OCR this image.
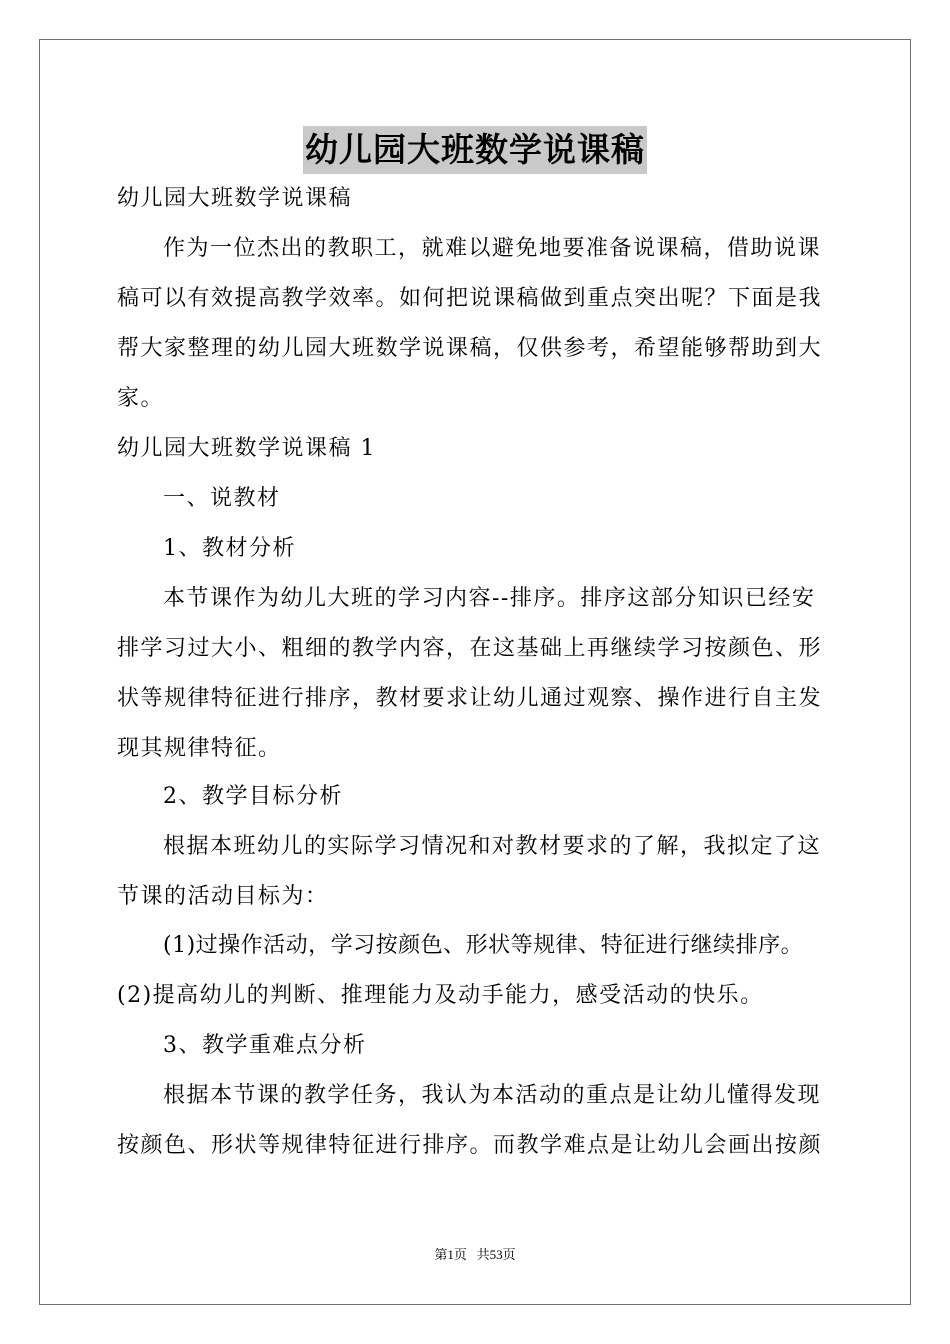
幼儿园大班数学说课稿
幼儿园大班数学说课稿
作为一位杰出的教职工，就难以避免地要准备说课稿，借助说课
稿可以有效提高教学效率。如何把说课稿做到重点突出呢？下面是我
帮大家整理的幼儿园大班数学说课稿，仅供参考，希望能够帮助到大
家。
幼儿园大班数学说课稿 1
一、说教材
1、教材分析
本节课作为幼儿大班的学习内容--排序。排序这部分知识已经安
排学习过大小、粗细的教学内容，在这基础上再继续学习按颜色、形
状等规律特征进行排序，教材要求让幼儿通过观察、操作进行自主发
现其规律特征。
2、教学目标分析
根据本班幼儿的实际学习情况和对教材要求的了解，我拟定了这
节课的活动目标为：
(1)过操作活动，学习按颜色、形状等规律、特征进行继续排序。
(2)提高幼儿的判断、推理能力及动手能力，感受活动的快乐。
3、教学重难点分析
根据本节课的教学任务，我认为本活动的重点是让幼儿懂得发现
按颜色、形状等规律特征进行排序。而教学难点是让幼儿会画出按颜
第1页 共53页
